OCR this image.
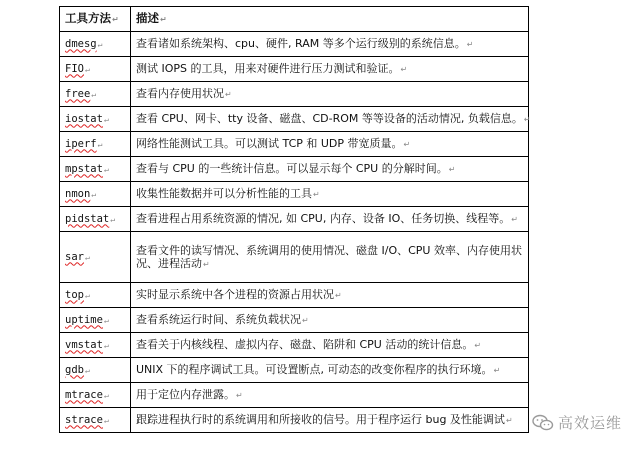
工具方法↵	描述↵
dmesg↵	查看诸如系统架构、cpu、硬件, RAM 等多个运行级别的系统信息。↵
FIO↵	测试 IOPS 的工具，用来对硬件进行压力测试和验证。↵
free↵	查看内存使用状况↵
iostat↵	查看 CPU、网卡、tty 设备、磁盘、CD-ROM 等等设备的活动情况, 负载信息。↵
iperf↵	网络性能测试工具。可以测试 TCP 和 UDP 带宽质量。↵
mpstat↵	查看与 CPU 的一些统计信息。可以显示每个 CPU 的分解时间。↵
nmon↵	收集性能数据并可以分析性能的工具↵
pidstat↵	查看进程占用系统资源的情况, 如 CPU, 内存、设备 IO、任务切换、线程等。↵
sar↵	查看文件的读写情况、系统调用的使用情况、磁盘 I/O、CPU 效率、内存使用状况、进程活动↵
top↵	实时显示系统中各个进程的资源占用状况↵
uptime↵	查看系统运行时间、系统负载状况↵
vmstat↵	查看关于内核线程、虚拟内存、磁盘、陷阱和 CPU 活动的统计信息。↵
gdb↵	UNIX 下的程序调试工具。可设置断点, 可动态的改变你程序的执行环境。↵
mtrace↵	用于定位内存泄露。↵
strace↵	跟踪进程执行时的系统调用和所接收的信号。用于程序运行 bug 及性能调试↵	高效运维
